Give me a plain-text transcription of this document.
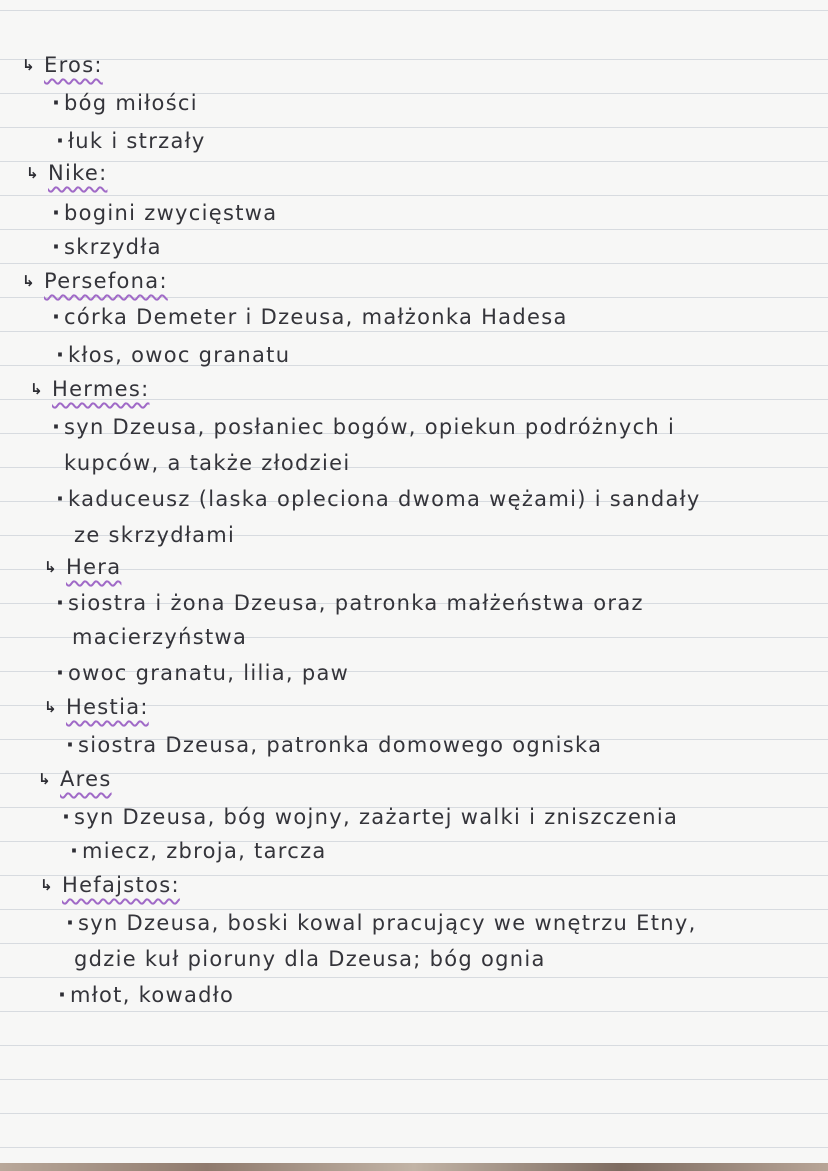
↳ Eros:
· bóg miłości
· łuk i strzały
↳ Nike:
· bogini zwycięstwa
· skrzydła
↳ Persefona:
· córka Demeter i Dzeusa, małżonka Hadesa
· kłos, owoc granatu
↳ Hermes:
· syn Dzeusa, posłaniec bogów, opiekun podróżnych i
kupców, a także złodziei
· kaduceusz (laska opleciona dwoma wężami) i sandały
ze skrzydłami
↳ Hera
· siostra i żona Dzeusa, patronka małżeństwa oraz
macierzyństwa
· owoc granatu, lilia, paw
↳ Hestia:
· siostra Dzeusa, patronka domowego ogniska
↳ Ares
· syn Dzeusa, bóg wojny, zażartej walki i zniszczenia
· miecz, zbroja, tarcza
↳ Hefajstos:
· syn Dzeusa, boski kowal pracujący we wnętrzu Etny,
gdzie kuł pioruny dla Dzeusa; bóg ognia
· młot, kowadło
